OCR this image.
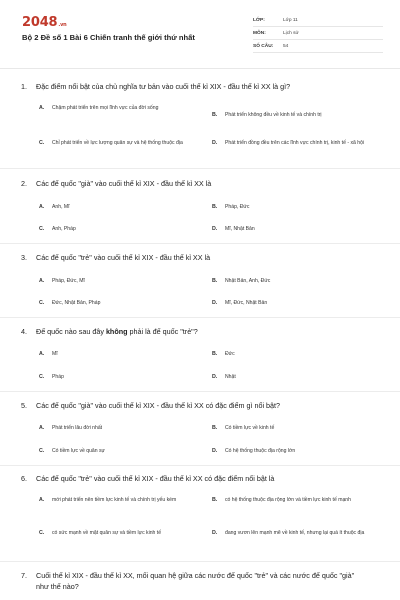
2048.vn
Bộ 2 Đề số 1 Bài 6 Chiến tranh thế giới thứ nhất
LỚP:	Lớp 11
MÔN:	Lịch sử
SỐ CÂU:	54
1.	Đặc điểm nổi bật của chủ nghĩa tư bản vào cuối thế kỉ XIX - đầu thế kỉ XX là gì?
A.	Chậm phát triển trên mọi lĩnh vực của đời sống
B.	Phát triển không đều về kinh tế và chính trị
C.	Chỉ phát triển về lực lượng quân sự và hệ thống thuộc địa	D.	Phát triển đồng đều trên các lĩnh vực chính trị, kinh tế - xã hội
2.	Các đế quốc "già" vào cuối thế kỉ XIX - đầu thế kỉ XX là
A.	Anh, Mĩ	B.	Pháp, Đức
C.	Anh, Pháp	D.	Mĩ, Nhật Bản
3.	Các đế quốc "trẻ" vào cuối thế kỉ XIX - đầu thế kỉ XX là
A.	Pháp, Đức, Mĩ	B.	Nhật Bản, Anh, Đức
C.	Đức, Nhật Bản, Pháp	D.	Mĩ, Đức, Nhật Bản
4.	Đế quốc nào sau đây không phải là đế quốc "trẻ"?
A.	Mĩ	B.	Đức
C.	Pháp	D.	Nhật
5.	Các đế quốc "già" vào cuối thế kỉ XIX - đầu thế kỉ XX có đặc điểm gì nổi bật?
A.	Phát triển lâu đời nhất	B.	Có tiềm lực về kinh tế
C.	Có tiềm lực về quân sự	D.	Có hệ thống thuộc địa rộng lớn
6.	Các đế quốc "trẻ" vào cuối thế kỉ XIX - đầu thế kỉ XX có đặc điểm nổi bật là
A.	mới phát triển nên tiềm lực kinh tế và chính trị yếu kém	B.	có hệ thống thuộc địa rộng lớn và tiềm lực kinh tế mạnh
C.	có sức mạnh về mặt quân sự và tiềm lực kinh tế	D.	đang vươn lên mạnh mẽ về kinh tế, nhưng lại quá ít thuộc địa
7.	Cuối thế kỉ XIX - đầu thế kỉ XX, mối quan hệ giữa các nước đế quốc "trẻ" và các nước đế quốc "già" như thế nào?
